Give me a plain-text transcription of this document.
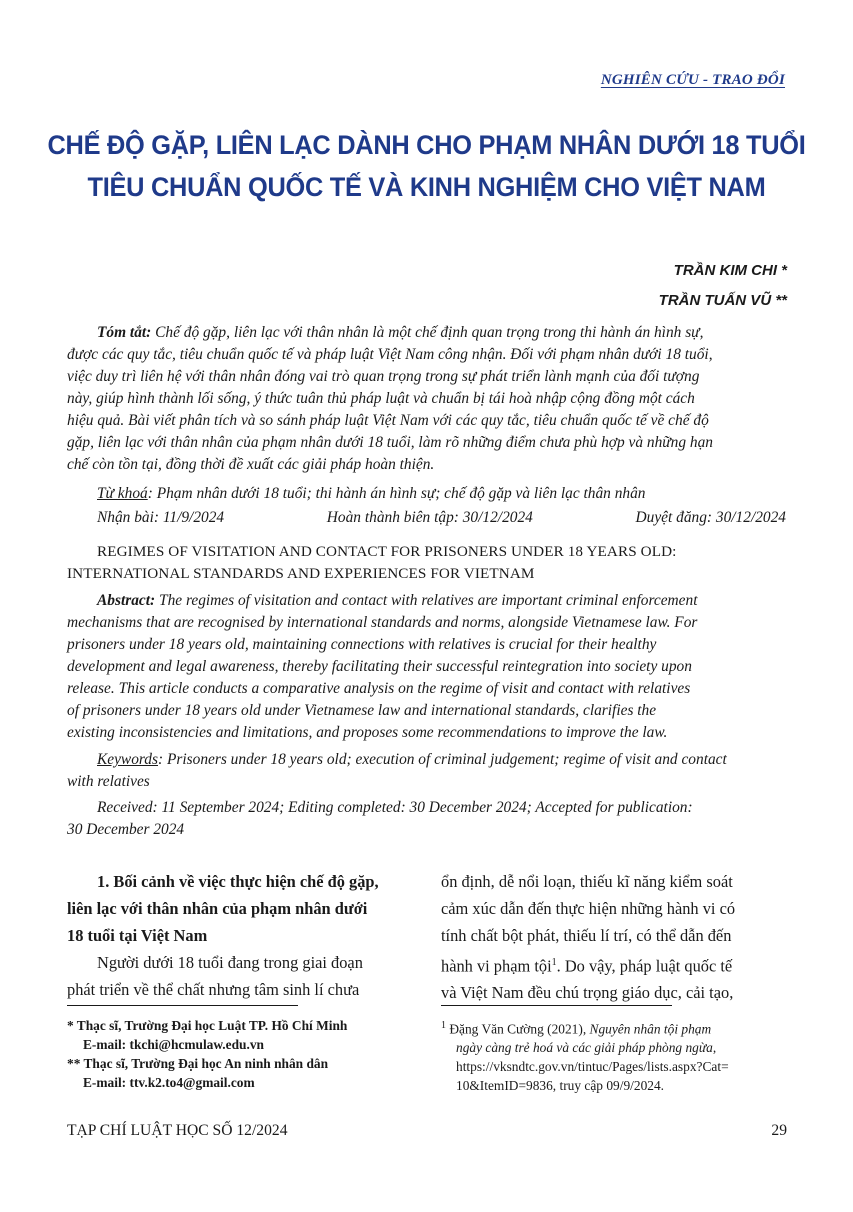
NGHIÊN CỨU - TRAO ĐỔI
CHẾ ĐỘ GẶP, LIÊN LẠC DÀNH CHO PHẠM NHÂN DƯỚI 18 TUỔI
TIÊU CHUẨN QUỐC TẾ VÀ KINH NGHIỆM CHO VIỆT NAM
TRẦN KIM CHI *
TRẦN TUẤN VŨ **
Tóm tắt: Chế độ gặp, liên lạc với thân nhân là một chế định quan trọng trong thi hành án hình sự,
được các quy tắc, tiêu chuẩn quốc tế và pháp luật Việt Nam công nhận. Đối với phạm nhân dưới 18 tuổi,
việc duy trì liên hệ với thân nhân đóng vai trò quan trọng trong sự phát triển lành mạnh của đối tượng
này, giúp hình thành lối sống, ý thức tuân thủ pháp luật và chuẩn bị tái hoà nhập cộng đồng một cách
hiệu quả. Bài viết phân tích và so sánh pháp luật Việt Nam với các quy tắc, tiêu chuẩn quốc tế về chế độ
gặp, liên lạc với thân nhân của phạm nhân dưới 18 tuổi, làm rõ những điểm chưa phù hợp và những hạn
chế còn tồn tại, đồng thời đề xuất các giải pháp hoàn thiện.
Từ khoá: Phạm nhân dưới 18 tuổi; thi hành án hình sự; chế độ gặp và liên lạc thân nhân
Nhận bài: 11/9/2024	Hoàn thành biên tập: 30/12/2024	Duyệt đăng: 30/12/2024
REGIMES OF VISITATION AND CONTACT FOR PRISONERS UNDER 18 YEARS OLD:
INTERNATIONAL STANDARDS AND EXPERIENCES FOR VIETNAM
Abstract: The regimes of visitation and contact with relatives are important criminal enforcement
mechanisms that are recognised by international standards and norms, alongside Vietnamese law. For
prisoners under 18 years old, maintaining connections with relatives is crucial for their healthy
development and legal awareness, thereby facilitating their successful reintegration into society upon
release. This article conducts a comparative analysis on the regime of visit and contact with relatives
of prisoners under 18 years old under Vietnamese law and international standards, clarifies the
existing inconsistencies and limitations, and proposes some recommendations to improve the law.
Keywords: Prisoners under 18 years old; execution of criminal judgement; regime of visit and contact
with relatives
Received: 11 September 2024; Editing completed: 30 December 2024; Accepted for publication:
30 December 2024

1. Bối cảnh về việc thực hiện chế độ gặp,

liên lạc với thân nhân của phạm nhân dưới

18 tuổi tại Việt Nam

Người dưới 18 tuổi đang trong giai đoạn

phát triển về thể chất nhưng tâm sinh lí chưa

ổn định, dễ nổi loạn, thiếu kĩ năng kiểm soát

cảm xúc dẫn đến thực hiện những hành vi có

tính chất bột phát, thiếu lí trí, có thể dẫn đến

hành vi phạm tội$^1$. Do vậy, pháp luật quốc tế

và Việt Nam đều chú trọng giáo dục, cải tạo,

* Thạc sĩ, Trường Đại học Luật TP. Hồ Chí Minh
E-mail: tkchi@hcmulaw.edu.vn
** Thạc sĩ, Trường Đại học An ninh nhân dân
E-mail: ttv.k2.to4@gmail.com
$^1$ Đặng Văn Cường (2021), Nguyên nhân tội phạm
ngày càng trẻ hoá và các giải pháp phòng ngừa,
https://vksndtc.gov.vn/tintuc/Pages/lists.aspx?Cat=
10&ItemID=9836, truy cập 09/9/2024.
TẠP CHÍ LUẬT HỌC SỐ 12/2024	29
